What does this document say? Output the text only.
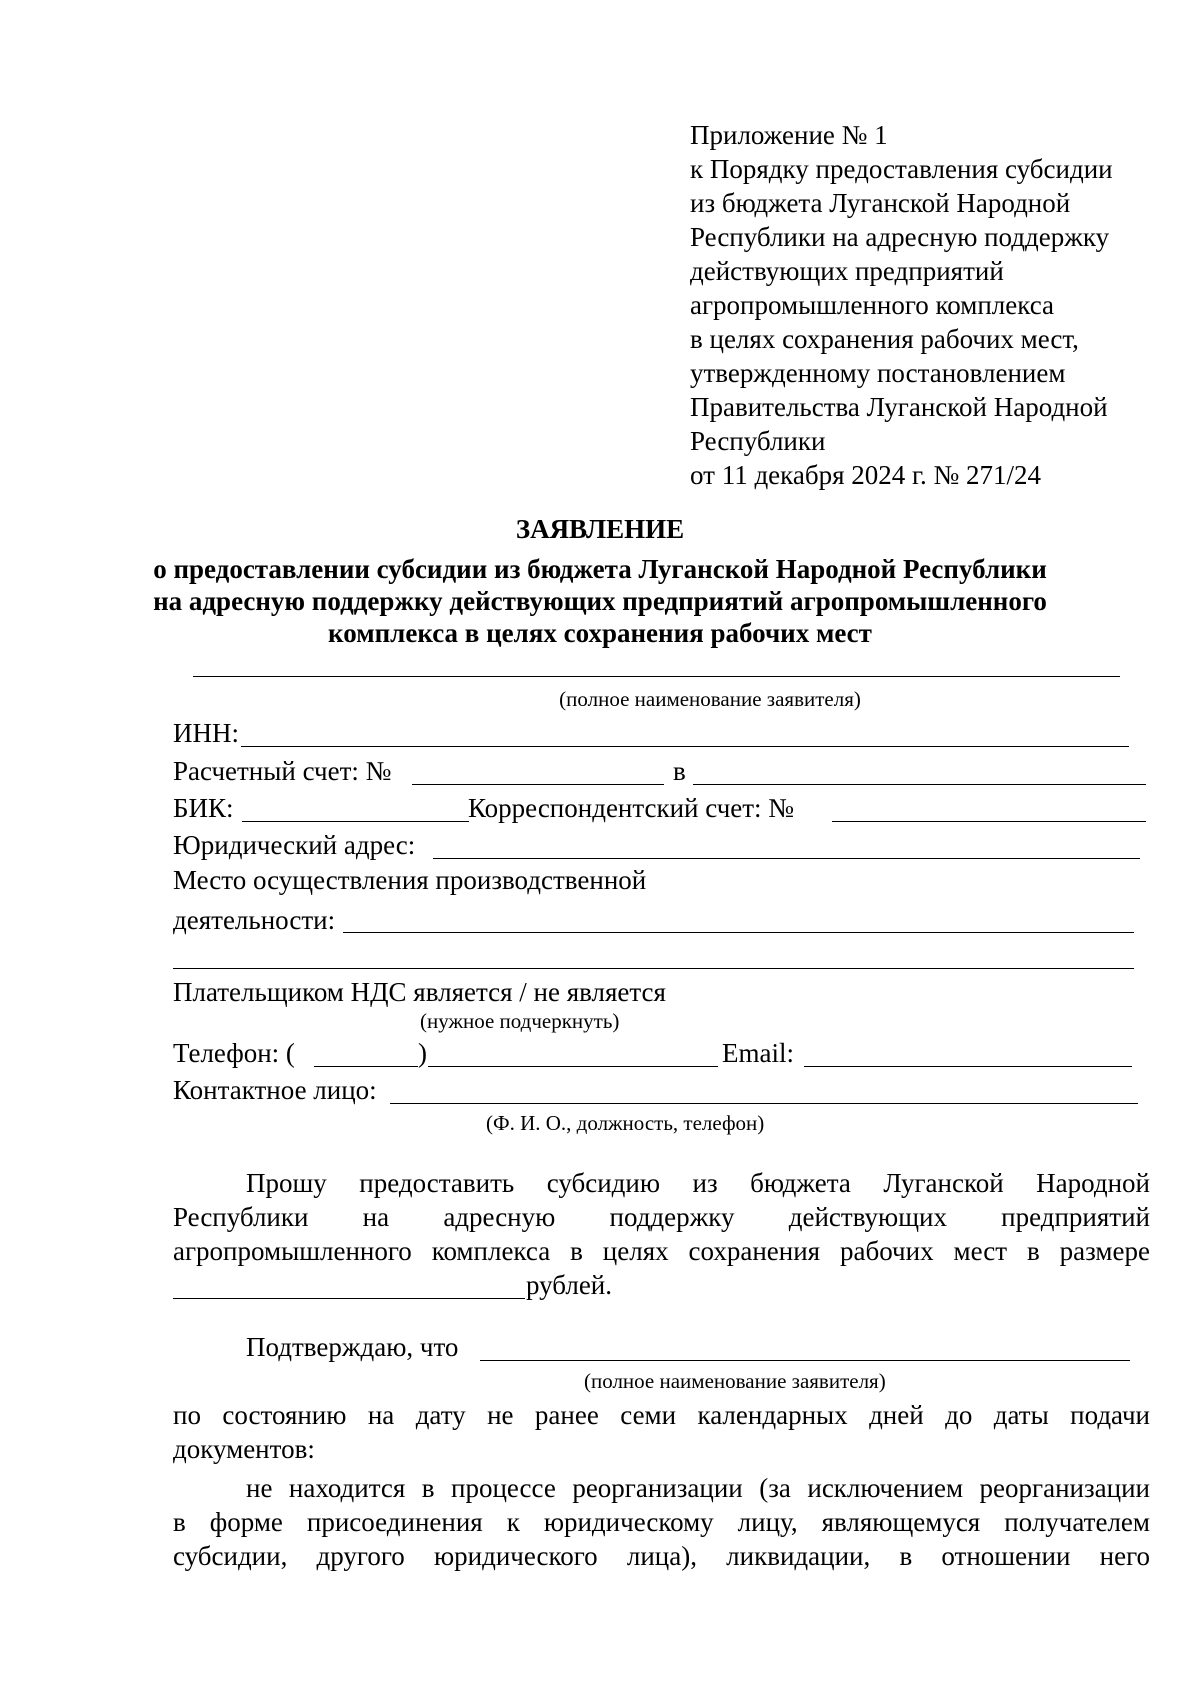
Приложение № 1
к Порядку предоставления субсидии
из бюджета Луганской Народной
Республики на адресную поддержку
действующих предприятий
агропромышленного комплекса
в целях сохранения рабочих мест,
утвержденному постановлением
Правительства Луганской Народной
Республики
от 11 декабря 2024 г. № 271/24
ЗАЯВЛЕНИЕ
о предоставлении субсидии из бюджета Луганской Народной Республики
на адресную поддержку действующих предприятий агропромышленного
комплекса в целях сохранения рабочих мест
(полное наименование заявителя)
ИНН:
Расчетный счет: №	в
БИК:	Корреспондентский счет: №
Юридический адрес:
Место осуществления производственной
деятельности:
Плательщиком НДС является / не является
(нужное подчеркнуть)
Телефон: (	)	Email:
Контактное лицо:
(Ф. И. О., должность, телефон)
Прошу предоставить субсидию из бюджета Луганской Народной
Республики на адресную поддержку действующих предприятий
агропромышленного комплекса в целях сохранения рабочих мест в размере
рублей.
Подтверждаю, что
(полное наименование заявителя)
по состоянию на дату не ранее семи календарных дней до даты подачи
документов:
не находится в процессе реорганизации (за исключением реорганизации
в форме присоединения к юридическому лицу, являющемуся получателем
субсидии, другого юридического лица), ликвидации, в отношении него
